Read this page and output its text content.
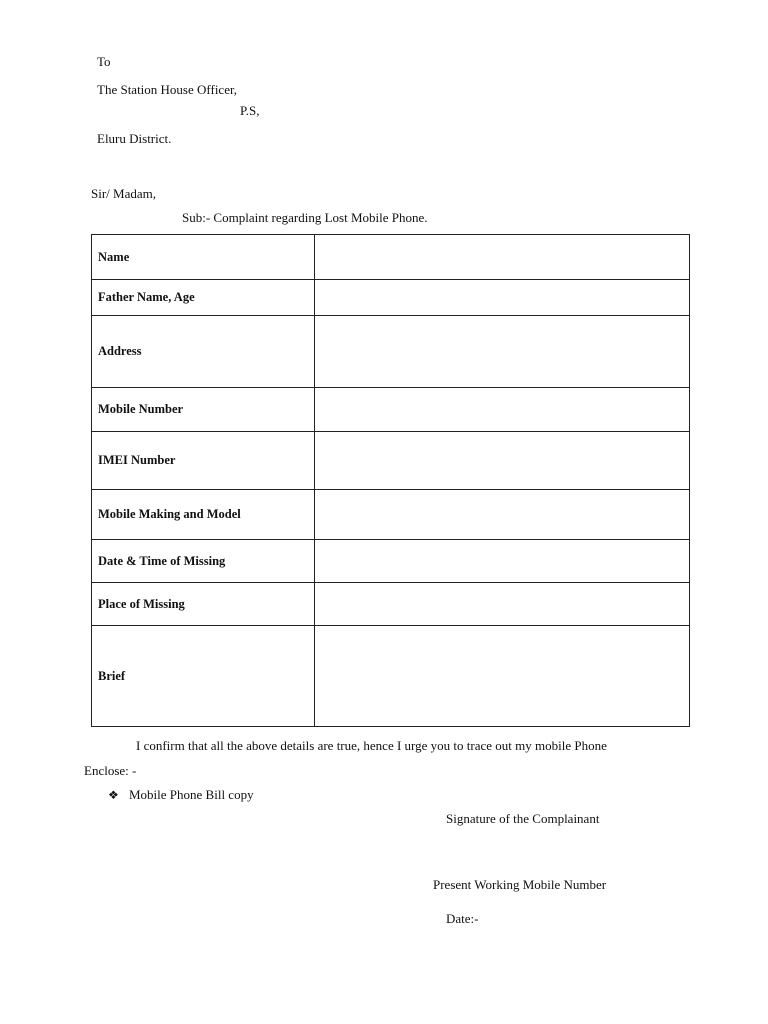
To
The Station House Officer,
P.S,
Eluru District.
Sir/ Madam,
Sub:- Complaint regarding Lost Mobile Phone.
Name	
Father Name, Age	
Address	
Mobile Number	
IMEI Number	
Mobile Making and Model	
Date & Time of Missing	
Place of Missing	
Brief	
I confirm that all the above details are true, hence I urge you to trace out my mobile Phone
Enclose: -
❖ Mobile Phone Bill copy
Signature of the Complainant
Present Working Mobile Number
Date:-
